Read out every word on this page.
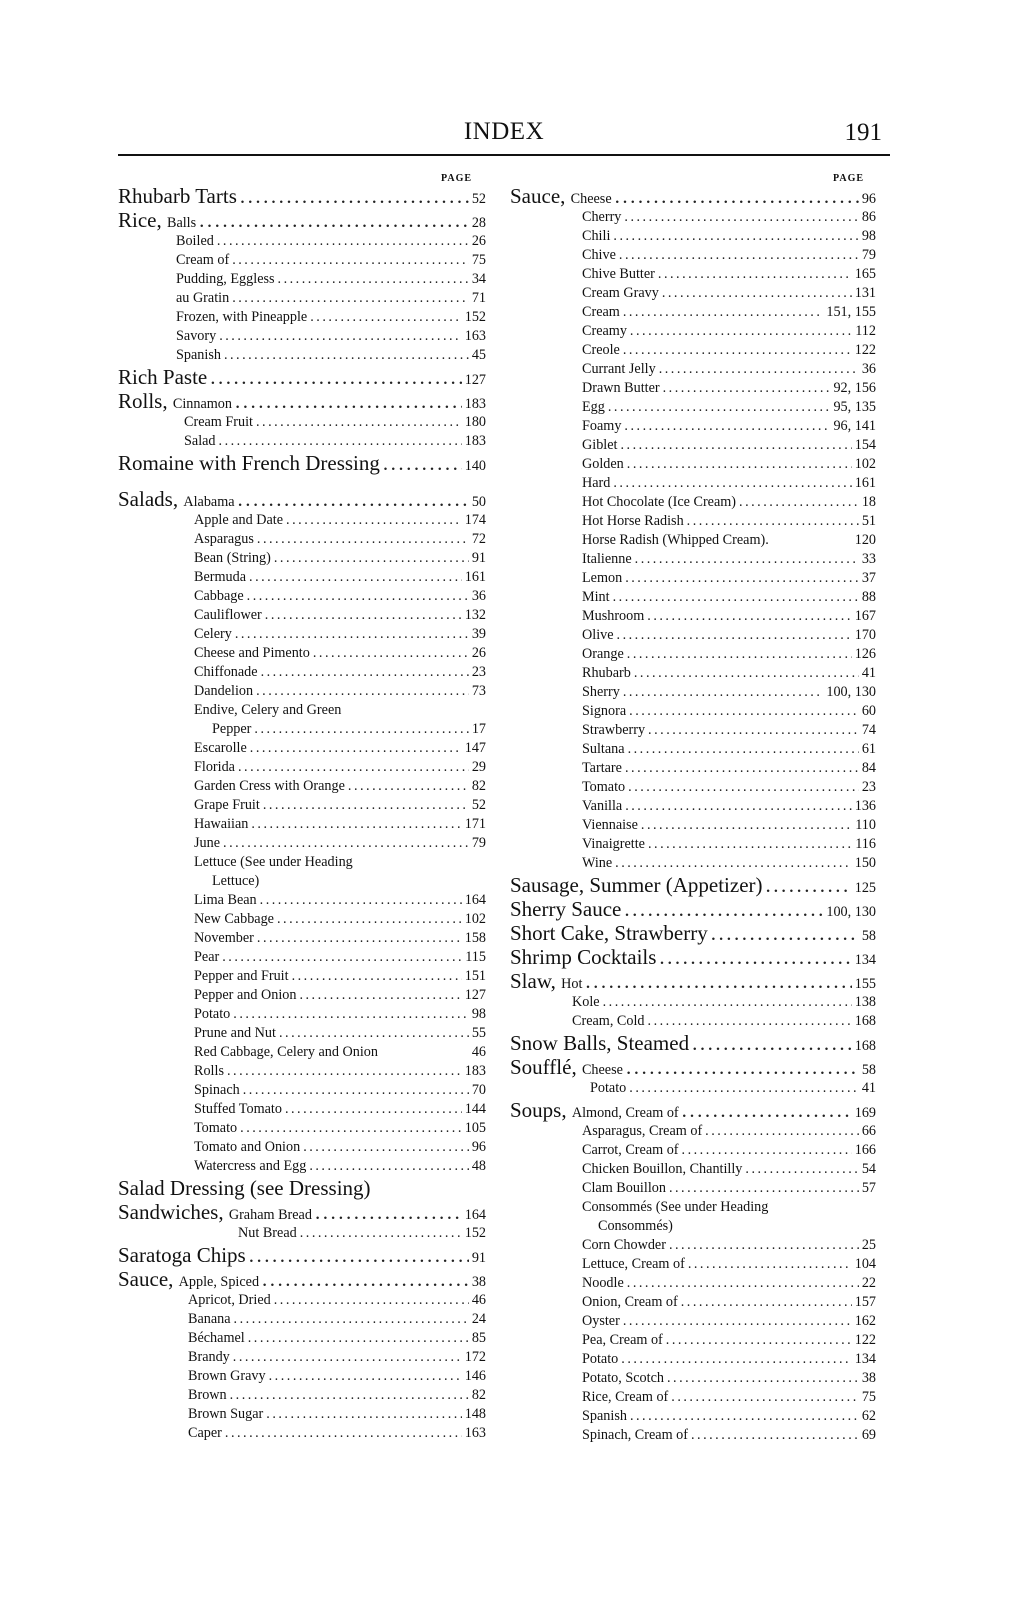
INDEX	191
PAGE	PAGE
Rhubarb Tarts .....	52
Rice, Balls .....	28
Boiled .....	26
Cream of .....	75
Pudding, Eggless .....	34
au Gratin .....	71
Frozen, with Pineapple .....	152
Savory .....	163
Spanish .....	45
Rich Paste .....	127
Rolls, Cinnamon .....	183
Cream Fruit .....	180
Salad .....	183
Romaine with French Dressing .....	140
Salads, Alabama .....	50
Apple and Date .....	174
Asparagus .....	72
Bean (String) .....	91
Bermuda .....	161
Cabbage .....	36
Cauliflower .....	132
Celery .....	39
Cheese and Pimento .....	26
Chiffonade .....	23
Dandelion .....	73
Endive, Celery and Green
Pepper .....	17
Escarolle .....	147
Florida .....	29
Garden Cress with Orange .....	82
Grape Fruit .....	52
Hawaiian .....	171
June .....	79
Lettuce (See under Heading
Lettuce)
Lima Bean .....	164
New Cabbage .....	102
November .....	158
Pear .....	115
Pepper and Fruit .....	151
Pepper and Onion .....	127
Potato .....	98
Prune and Nut .....	55
Red Cabbage, Celery and Onion	46
Rolls .....	183
Spinach .....	70
Stuffed Tomato .....	144
Tomato .....	105
Tomato and Onion .....	96
Watercress and Egg .....	48
Salad Dressing (see Dressing)
Sandwiches, Graham Bread .....	164
Nut Bread .....	152
Saratoga Chips .....	91
Sauce, Apple, Spiced .....	38
Apricot, Dried .....	46
Banana .....	24
Béchamel .....	85
Brandy .....	172
Brown Gravy .....	146
Brown .....	82
Brown Sugar .....	148
Caper .....	163
Sauce, Cheese .....	96
Cherry .....	86
Chili .....	98
Chive .....	79
Chive Butter .....	165
Cream Gravy .....	131
Cream .....	151, 155
Creamy .....	112
Creole .....	122
Currant Jelly .....	36
Drawn Butter .....	92, 156
Egg .....	95, 135
Foamy .....	96, 141
Giblet .....	154
Golden .....	102
Hard .....	161
Hot Chocolate (Ice Cream) .....	18
Hot Horse Radish .....	51
Horse Radish (Whipped Cream).	120
Italienne .....	33
Lemon .....	37
Mint .....	88
Mushroom .....	167
Olive .....	170
Orange .....	126
Rhubarb .....	41
Sherry .....	100, 130
Signora .....	60
Strawberry .....	74
Sultana .....	61
Tartare .....	84
Tomato .....	23
Vanilla .....	136
Viennaise .....	110
Vinaigrette .....	116
Wine .....	150
Sausage, Summer (Appetizer) .....	125
Sherry Sauce .....	100, 130
Short Cake, Strawberry .....	58
Shrimp Cocktails .....	134
Slaw, Hot .....	155
Kole .....	138
Cream, Cold .....	168
Snow Balls, Steamed .....	168
Soufflé, Cheese .....	58
Potato .....	41
Soups, Almond, Cream of .....	169
Asparagus, Cream of .....	66
Carrot, Cream of .....	166
Chicken Bouillon, Chantilly .....	54
Clam Bouillon .....	57
Consommés (See under Heading
Consommés)
Corn Chowder .....	25
Lettuce, Cream of .....	104
Noodle .....	22
Onion, Cream of .....	157
Oyster .....	162
Pea, Cream of .....	122
Potato .....	134
Potato, Scotch .....	38
Rice, Cream of .....	75
Spanish .....	62
Spinach, Cream of .....	69
